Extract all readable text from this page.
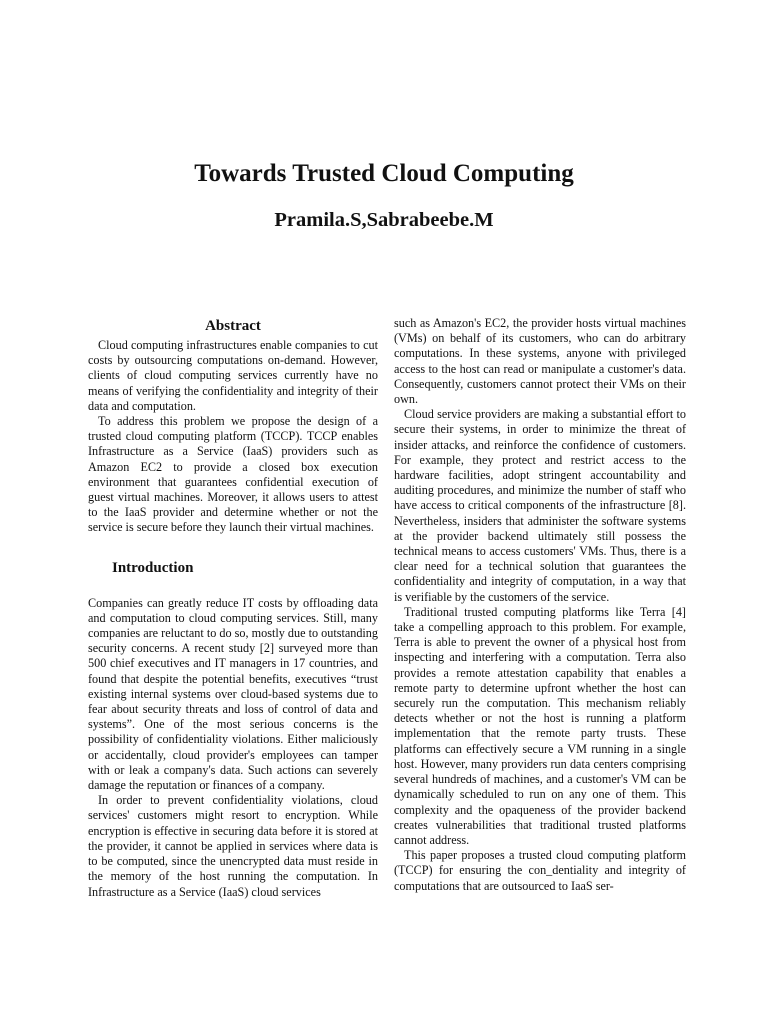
Towards Trusted Cloud Computing
Pramila.S,Sabrabeebe.M
Abstract

Cloud computing infrastructures enable companies to cut costs by outsourcing computations on-demand. However, clients of cloud computing services currently have no means of verifying the confidentiality and integrity of their data and computation.

To address this problem we propose the design of a trusted cloud computing platform (TCCP). TCCP enables Infrastructure as a Service (IaaS) providers such as Amazon EC2 to provide a closed box execution environment that guarantees confidential execution of guest virtual machines. Moreover, it allows users to attest to the IaaS provider and determine whether or not the service is secure before they launch their virtual machines.

Introduction

Companies can greatly reduce IT costs by offloading data and computation to cloud computing services. Still, many companies are reluctant to do so, mostly due to outstanding security concerns. A recent study [2] surveyed more than 500 chief executives and IT managers in 17 countries, and found that despite the potential benefits, executives “trust existing internal systems over cloud-based systems due to fear about security threats and loss of control of data and systems”. One of the most serious concerns is the possibility of confidentiality violations. Either maliciously or accidentally, cloud provider's employees can tamper with or leak a company's data. Such actions can severely damage the reputation or finances of a company.

In order to prevent confidentiality violations, cloud services' customers might resort to encryption. While encryption is effective in securing data before it is stored at the provider, it cannot be applied in services where data is to be computed, since the unencrypted data must reside in the memory of the host running the computation. In Infrastructure as a Service (IaaS) cloud services

such as Amazon's EC2, the provider hosts virtual machines (VMs) on behalf of its customers, who can do arbitrary computations. In these systems, anyone with privileged access to the host can read or manipulate a customer's data. Consequently, customers cannot protect their VMs on their own.

Cloud service providers are making a substantial effort to secure their systems, in order to minimize the threat of insider attacks, and reinforce the confidence of customers. For example, they protect and restrict access to the hardware facilities, adopt stringent accountability and auditing procedures, and minimize the number of staff who have access to critical components of the infrastructure [8]. Nevertheless, insiders that administer the software systems at the provider backend ultimately still possess the technical means to access customers' VMs. Thus, there is a clear need for a technical solution that guarantees the confidentiality and integrity of computation, in a way that is verifiable by the customers of the service.

Traditional trusted computing platforms like Terra [4] take a compelling approach to this problem. For example, Terra is able to prevent the owner of a physical host from inspecting and interfering with a computation. Terra also provides a remote attestation capability that enables a remote party to determine upfront whether the host can securely run the computation. This mechanism reliably detects whether or not the host is running a platform implementation that the remote party trusts. These platforms can effectively secure a VM running in a single host. However, many providers run data centers comprising several hundreds of machines, and a customer's VM can be dynamically scheduled to run on any one of them. This complexity and the opaqueness of the provider backend creates vulnerabilities that traditional trusted platforms cannot address.

This paper proposes a trusted cloud computing platform (TCCP) for ensuring the con_dentiality and integrity of computations that are outsourced to IaaS ser-
